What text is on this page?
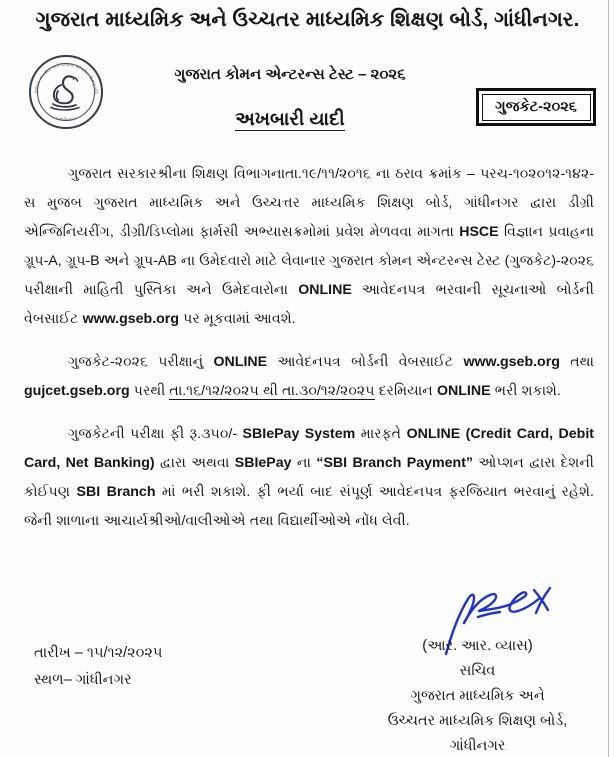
ગુજરાત માધ્યમિક અને ઉચ્ચતર માધ્યમિક શિક્ષણ બોર્ડ, ગાંધીનગર.
ગુજરાત માધ્યમિક અને ઉચ્ચતર માધ્યમિક શિક્ષણ બોર્ડ
• ગાંધીનગર •
ગુજરાત કોમન એન્ટરન્સ ટેસ્ટ – ૨૦૨૬
અખબારી યાદી
ગુજકેટ-૨૦૨૬

ગુજરાત સરકારશ્રીના શિક્ષણ વિભાગનાતા.૧૯/૧૧/૨૦૧૬ ના ઠરાવ ક્રમાંક – પરચ-૧૦૨૦૧૨-૧૪૨-સ મુજબ ગુજરાત માધ્યમિક અને ઉચ્ચત્તર માધ્યમિક શિક્ષણ બોર્ડ, ગાંધીનગર દ્વારા ડીગ્રી એન્જિનિયરીંગ, ડીગ્રી/ડિપ્લોમા ફાર્મસી અભ્યાસક્રમોમાં પ્રવેશ મેળવવા માગતા HSCE વિજ્ઞાન પ્રવાહના ગ્રૂપ-A, ગ્રૂપ-B અને ગ્રૂપ-AB ના ઉમેદવારો માટે લેવાનાર ગુજરાત કોમન એન્ટરન્સ ટેસ્ટ (ગુજકેટ)-૨૦૨૬ પરીક્ષાની માહિતી પુસ્તિકા અને ઉમેદવારોના ONLINE આવેદનપત્ર ભરવાની સૂચનાઓ બોર્ડની વેબસાઈટ www.gseb.org પર મૂકવામાં આવશે.

ગુજકેટ-૨૦૨૬ પરીક્ષાનું ONLINE આવેદનપત્ર બોર્ડની વેબસાઈટ www.gseb.org તથા gujcet.gseb.org પરથી તા.૧૬/૧૨/૨૦૨૫ થી તા.૩૦/૧૨/૨૦૨૫ દરમિયાન ONLINE ભરી શકાશે.

ગુજકેટની પરીક્ષા ફી રૂ.૩૫૦/- SBIePay System મારફતે ONLINE (Credit Card, Debit Card, Net Banking) દ્વારા અથવા SBIePay ના “SBI Branch Payment” ઓપ્શન દ્વારા દેશની કોઈપણ SBI Branch માં ભરી શકાશે. ફી ભર્યા બાદ સંપૂર્ણ આવેદનપત્ર ફરજિયાત ભરવાનું રહેશે. જેની શાળાના આચાર્યશ્રીઓ/વાલીઓએ તથા વિદ્યાર્થીઓએ નોંધ લેવી.

તારીખ – ૧૫/૧૨/૨૦૨૫
સ્થળ– ગાંધીનગર
(આર. આર. વ્યાસ)
સચિવ
ગુજરાત માધ્યમિક અને
ઉચ્ચતર માધ્યમિક શિક્ષણ બોર્ડ,
ગાંધીનગર
